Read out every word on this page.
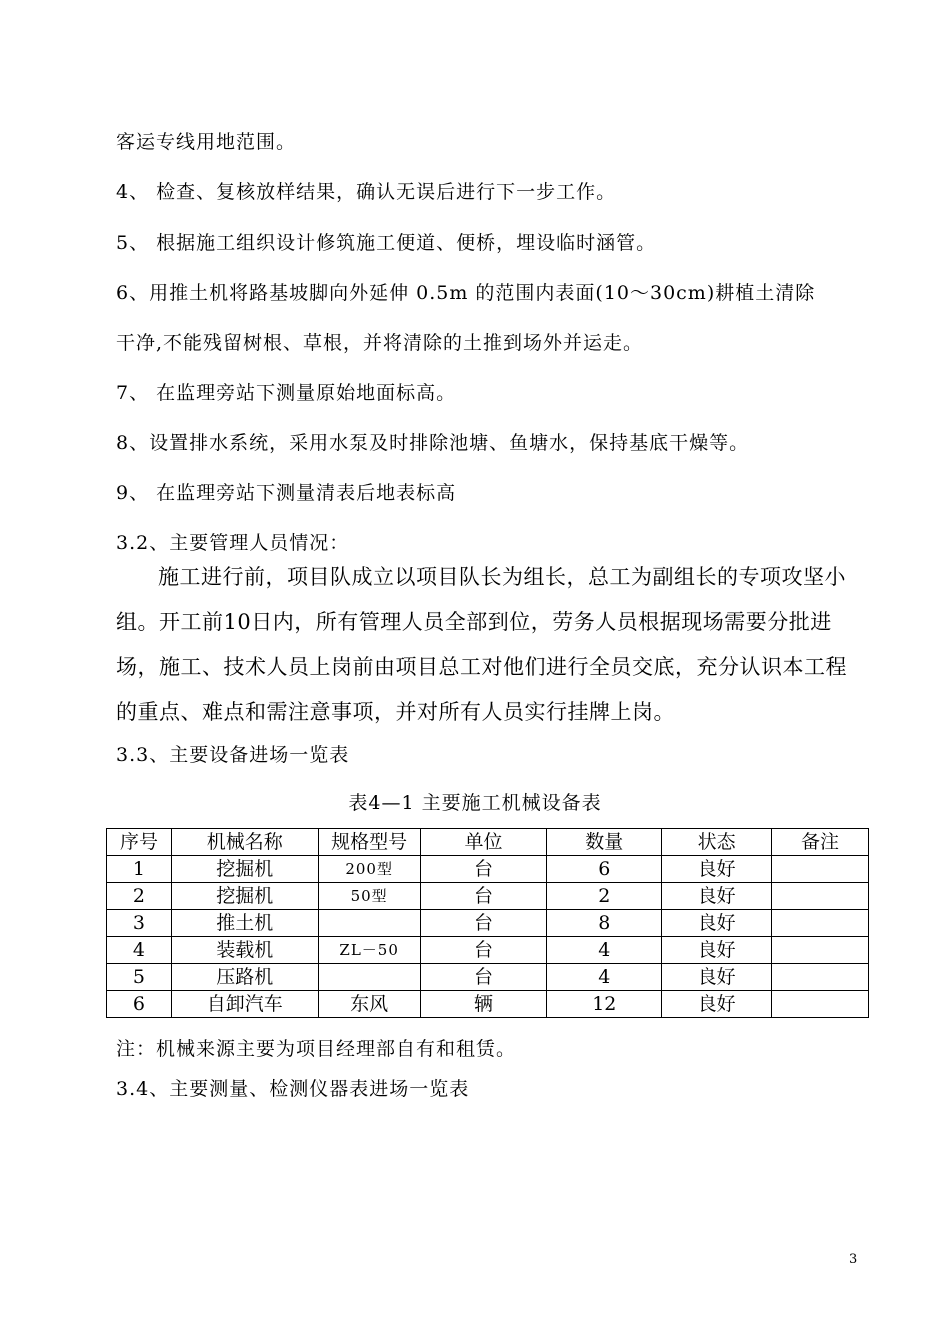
客运专线用地范围。
4、 检查、复核放样结果，确认无误后进行下一步工作。
5、 根据施工组织设计修筑施工便道、便桥，埋设临时涵管。
6、用推土机将路基坡脚向外延伸 0.5m 的范围内表面(10～30cm)耕植土清除
干净,不能残留树根、草根，并将清除的土推到场外并运走。
7、 在监理旁站下测量原始地面标高。
8、设置排水系统，采用水泵及时排除池塘、鱼塘水，保持基底干燥等。
9、 在监理旁站下测量清表后地表标高
3.2、主要管理人员情况：
施工进行前，项目队成立以项目队长为组长，总工为副组长的专项攻坚小组。开工前10日内，所有管理人员全部到位，劳务人员根据现场需要分批进场，施工、技术人员上岗前由项目总工对他们进行全员交底，充分认识本工程的重点、难点和需注意事项，并对所有人员实行挂牌上岗。
3.3、主要设备进场一览表
表4—1 主要施工机械设备表
序号	机械名称	规格型号	单位	数量	状态	备注
1	挖掘机	200型	台	6	良好	
2	挖掘机	50型	台	2	良好	
3	推土机		台	8	良好	
4	装载机	ZL－50	台	4	良好	
5	压路机		台	4	良好	
6	自卸汽车	东风	辆	12	良好	
注：机械来源主要为项目经理部自有和租赁。
3.4、主要测量、检测仪器表进场一览表
3
